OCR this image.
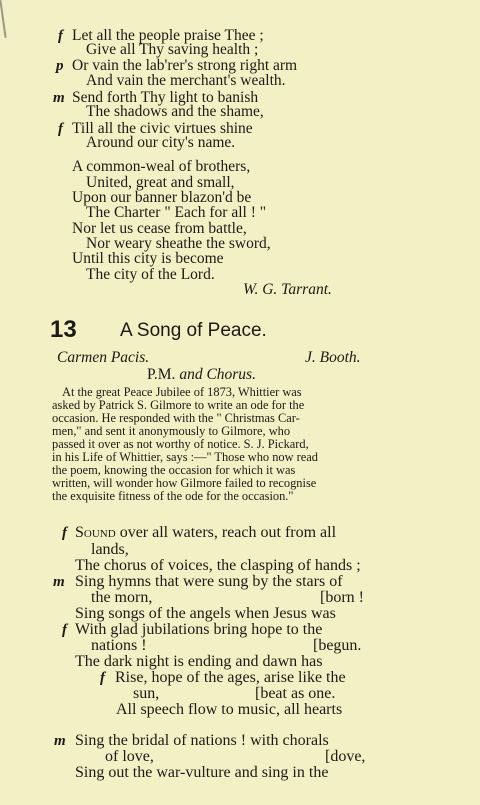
f Let all the people praise Thee ;
Give all Thy saving health ;
p Or vain the lab'rer's strong right arm
And vain the merchant's wealth.
m Send forth Thy light to banish
The shadows and the shame,
f Till all the civic virtues shine
Around our city's name.
A common-weal of brothers,
United, great and small,
Upon our banner blazon'd be
The Charter " Each for all ! "
Nor let us cease from battle,
Nor weary sheathe the sword,
Until this city is become
The city of the Lord.
W. G. Tarrant.
13 A Song of Peace.
Carmen Pacis.	J. Booth.
P.M. and Chorus.
At the great Peace Jubilee of 1873, Whittier was
asked by Patrick S. Gilmore to write an ode for the
occasion. He responded with the " Christmas Car-
men," and sent it anonymously to Gilmore, who
passed it over as not worthy of notice. S. J. Pickard,
in his Life of Whittier, says :—" Those who now read
the poem, knowing the occasion for which it was
written, will wonder how Gilmore failed to recognise
the exquisite fitness of the ode for the occasion."
f Sound over all waters, reach out from all
lands,
The chorus of voices, the clasping of hands ;
m Sing hymns that were sung by the stars of
the morn,	[born !
Sing songs of the angels when Jesus was
f With glad jubilations bring hope to the
nations !	[begun.
The dark night is ending and dawn has
f Rise, hope of the ages, arise like the
sun,	[beat as one.
All speech flow to music, all hearts
m Sing the bridal of nations ! with chorals
of love,	[dove,
Sing out the war-vulture and sing in the
